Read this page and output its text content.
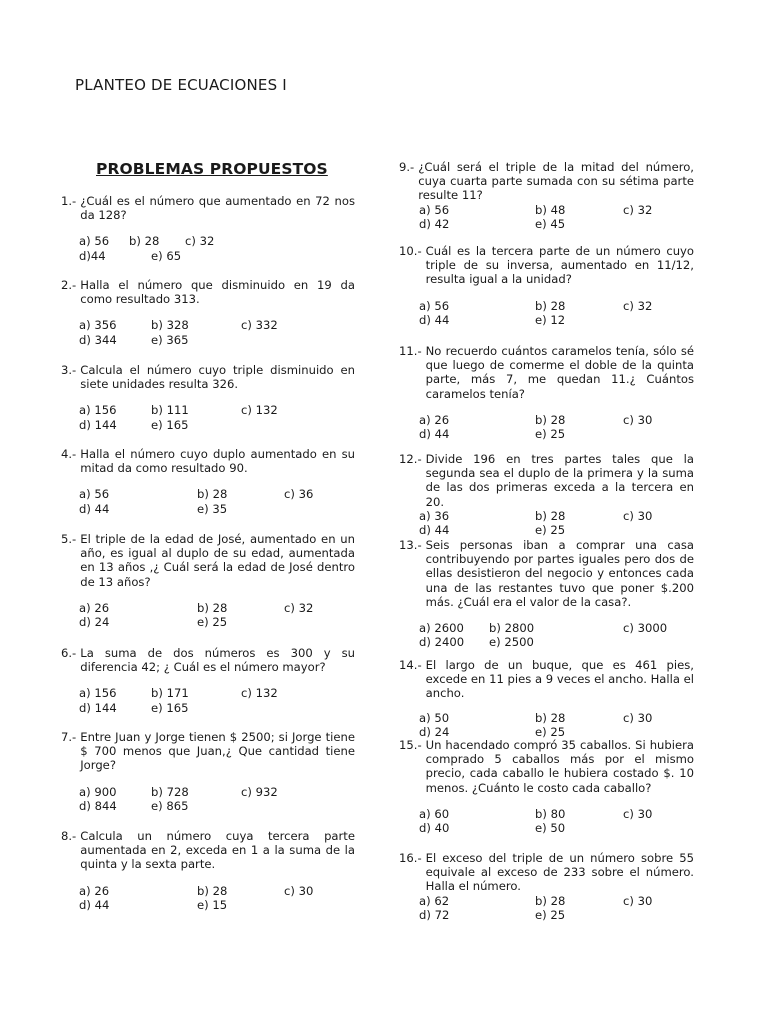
PLANTEO DE ECUACIONES I
PROBLEMAS PROPUESTOS
1.- ¿Cuál es el número que aumentado en 72 nos da 128?
a) 56 b) 28 c) 32
d)44	e) 65
2.- Halla el número que disminuido en 19 da como resultado 313.
a) 356	b) 328	c) 332
d) 344	e) 365
3.- Calcula el número cuyo triple disminuido en siete unidades resulta 326.
a) 156	b) 111	c) 132
d) 144	e) 165
4.- Halla el número cuyo duplo aumentado en su mitad da como resultado 90.
a) 56	b) 28	c) 36
d) 44	e) 35
5.- El triple de la edad de José, aumentado en un año, es igual al duplo de su edad, aumentada en 13 años ,¿ Cuál será la edad de José dentro de 13 años?
a) 26	b) 28	c) 32
d) 24	e) 25
6.- La suma de dos números es 300 y su diferencia 42; ¿ Cuál es el número mayor?
a) 156	b) 171	c) 132
d) 144	e) 165
7.- Entre Juan y Jorge tienen $ 2500; si Jorge tiene $ 700 menos que Juan,¿ Que cantidad tiene Jorge?
a) 900	b) 728	c) 932
d) 844	e) 865
8.- Calcula un número cuya tercera parte aumentada en 2, exceda en 1 a la suma de la quinta y la sexta parte.
a) 26	b) 28	c) 30
d) 44	e) 15
9.- ¿Cuál será el triple de la mitad del número, cuya cuarta parte sumada con su sétima parte resulte 11?
a) 56	b) 48	c) 32
d) 42	e) 45
10.- Cuál es la tercera parte de un número cuyo triple de su inversa, aumentado en 11/12, resulta igual a la unidad?
a) 56	b) 28	c) 32
d) 44	e) 12
11.- No recuerdo cuántos caramelos tenía, sólo sé que luego de comerme el doble de la quinta parte, más 7, me quedan 11.¿ Cuántos caramelos tenía?
a) 26	b) 28	c) 30
d) 44	e) 25
12.- Divide 196 en tres partes tales que la segunda sea el duplo de la primera y la suma de las dos primeras exceda a la tercera en 20.
a) 36	b) 28	c) 30
d) 44	e) 25
13.- Seis personas iban a comprar una casa contribuyendo por partes iguales pero dos de ellas desistieron del negocio y entonces cada una de las restantes tuvo que poner $.200 más. ¿Cuál era el valor de la casa?.
a) 2600 b) 2800	c) 3000
d) 2400 e) 2500
14.- El largo de un buque, que es 461 pies, excede en 11 pies a 9 veces el ancho. Halla el ancho.
a) 50	b) 28	c) 30
d) 24	e) 25
15.- Un hacendado compró 35 caballos. Si hubiera comprado 5 caballos más por el mismo precio, cada caballo le hubiera costado $. 10 menos. ¿Cuánto le costo cada caballo?
a) 60	b) 80	c) 30
d) 40	e) 50
16.- El exceso del triple de un número sobre 55 equivale al exceso de 233 sobre el número. Halla el número.
a) 62	b) 28	c) 30
d) 72	e) 25
